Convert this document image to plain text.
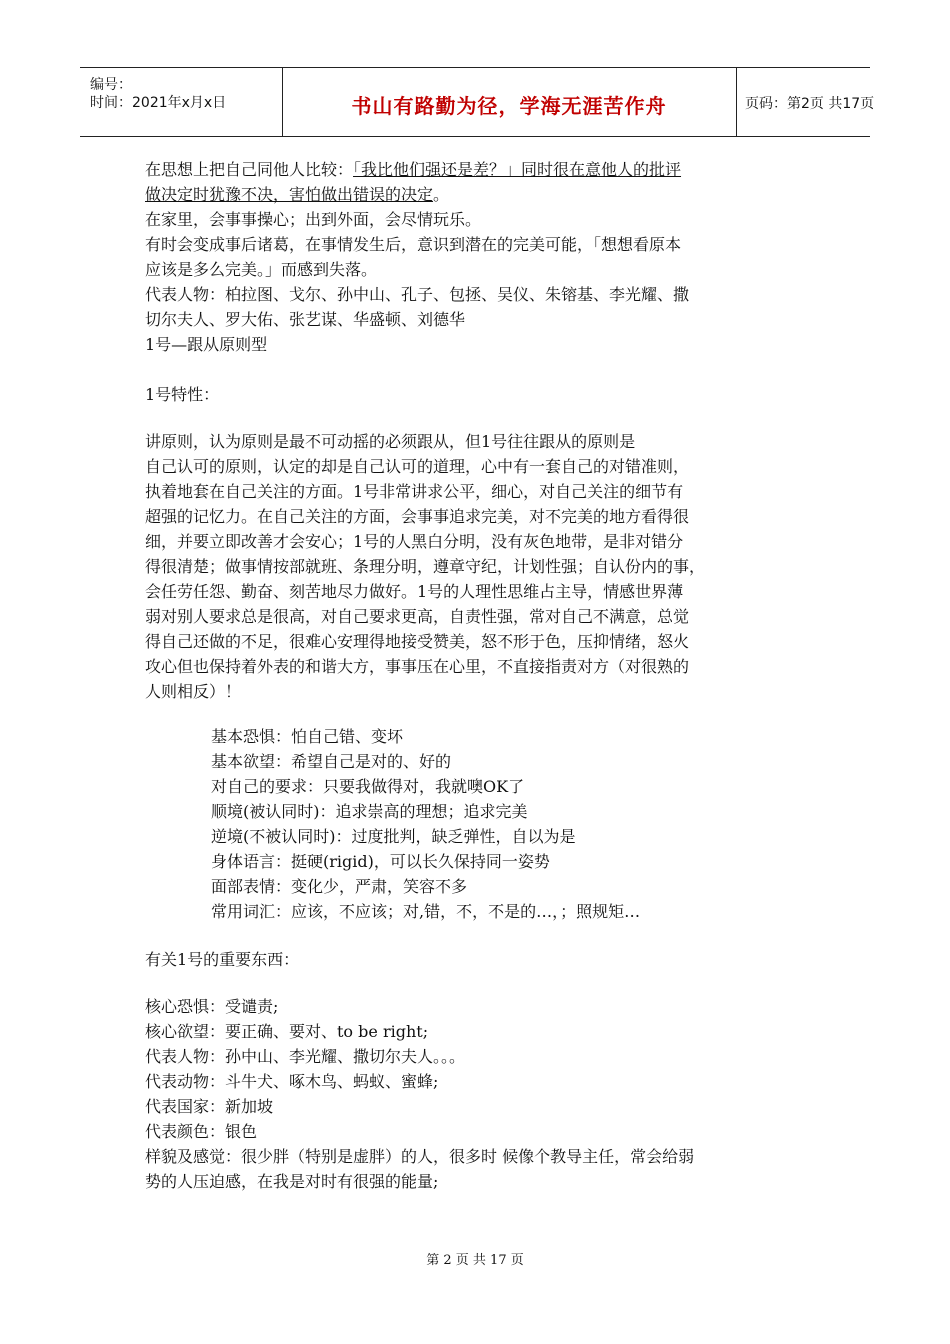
编号：
时间：2021年x月x日	书山有路勤为径，学海无涯苦作舟	页码：第2页 共17页
在思想上把自己同他人比较：「我比他们强还是差？」同时很在意他人的批评
做决定时犹豫不决，害怕做出错误的决定。
在家里，会事事操心；出到外面，会尽情玩乐。
有时会变成事后诸葛，在事情发生后，意识到潜在的完美可能，「想想看原本
应该是多么完美。」而感到失落。
代表人物：柏拉图、戈尔、孙中山、孔子、包拯、吴仪、朱镕基、李光耀、撒
切尔夫人、罗大佑、张艺谋、华盛顿、刘德华
1号—跟从原则型
1号特性：
讲原则，认为原则是最不可动摇的必须跟从，但1号往往跟从的原则是
自己认可的原则，认定的却是自己认可的道理，心中有一套自己的对错准则，
执着地套在自己关注的方面。1号非常讲求公平，细心，对自己关注的细节有
超强的记忆力。在自己关注的方面，会事事追求完美，对不完美的地方看得很
细，并要立即改善才会安心；1号的人黑白分明，没有灰色地带，是非对错分
得很清楚；做事情按部就班、条理分明，遵章守纪，计划性强；自认份内的事，
会任劳任怨、勤奋、刻苦地尽力做好。1号的人理性思维占主导，情感世界薄
弱对别人要求总是很高，对自己要求更高，自责性强，常对自己不满意，总觉
得自己还做的不足，很难心安理得地接受赞美，怒不形于色，压抑情绪，怒火
攻心但也保持着外表的和谐大方，事事压在心里，不直接指责对方（对很熟的
人则相反）！
基本恐惧：怕自己错、变坏
基本欲望：希望自己是对的、好的
对自己的要求：只要我做得对，我就噢OK了
顺境(被认同时)：追求崇高的理想；追求完美
逆境(不被认同时)：过度批判，缺乏弹性，自以为是
身体语言：挺硬(rigid)，可以长久保持同一姿势
面部表情：变化少，严肃，笑容不多
常用词汇：应该，不应该；对,错，不，不是的…，；照规矩…
有关1号的重要东西：
核心恐惧：受谴责;
核心欲望：要正确、要对、to be right;
代表人物：孙中山、李光耀、撒切尔夫人。。。
代表动物：斗牛犬、啄木鸟、蚂蚁、蜜蜂;
代表国家：新加坡
代表颜色：银色
样貌及感觉：很少胖（特别是虚胖）的人，很多时 候像个教导主任，常会给弱
势的人压迫感，在我是对时有很强的能量;
第 2 页 共 17 页
